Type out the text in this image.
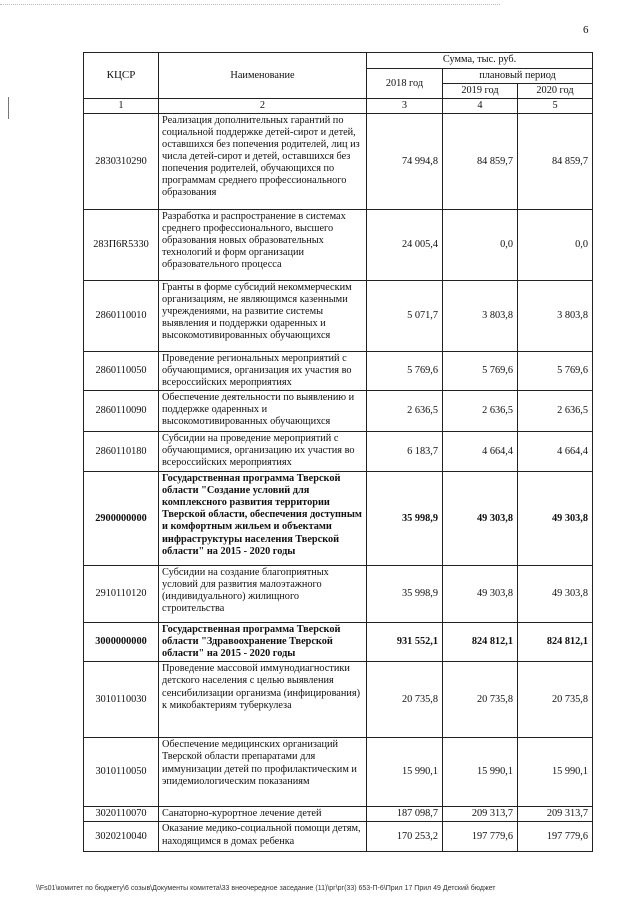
6
КЦСР	Наименование	Сумма, тыс. руб.		
		2018 год	плановый период	
			2019 год	2020 год
1	2	3	4	5
2830310290	Реализация дополнительных гарантий по социальной поддержке детей-сирот и детей, оставшихся без попечения родителей, лиц из числа детей-сирот и детей, оставшихся без попечения родителей, обучающихся по программам среднего профессионального образования	74 994,8	84 859,7	84 859,7
283П6R5330	Разработка и распространение в системах среднего профессионального, высшего образования новых образовательных технологий и форм организации образовательного процесса	24 005,4	0,0	0,0
2860110010	Гранты в форме субсидий некоммерческим организациям, не являющимся казенными учреждениями, на развитие системы выявления и поддержки одаренных и высокомотивированных обучающихся	5 071,7	3 803,8	3 803,8
2860110050	Проведение региональных мероприятий с обучающимися, организация их участия во всероссийских мероприятиях	5 769,6	5 769,6	5 769,6
2860110090	Обеспечение деятельности по выявлению и поддержке одаренных и высокомотивированных обучающихся	2 636,5	2 636,5	2 636,5
2860110180	Субсидии на проведение мероприятий с обучающимися, организацию их участия во всероссийских мероприятиях	6 183,7	4 664,4	4 664,4
2900000000	Государственная программа Тверской области "Создание условий для комплексного развития территории Тверской области, обеспечения доступным и комфортным жильем и объектами инфраструктуры населения Тверской области" на 2015 - 2020 годы	35 998,9	49 303,8	49 303,8
2910110120	Субсидии на создание благоприятных условий для развития малоэтажного (индивидуального) жилищного строительства	35 998,9	49 303,8	49 303,8
3000000000	Государственная программа Тверской области "Здравоохранение Тверской области" на 2015 - 2020 годы	931 552,1	824 812,1	824 812,1
3010110030	Проведение массовой иммунодиагностики детского населения с целью выявления сенсибилизации организма (инфицирования) к микобактериям туберкулеза	20 735,8	20 735,8	20 735,8
3010110050	Обеспечение медицинских организаций Тверской области препаратами для иммунизации детей по профилактическим и эпидемиологическим показаниям	15 990,1	15 990,1	15 990,1
3020110070	Санаторно-курортное лечение детей	187 098,7	209 313,7	209 313,7
3020210040	Оказание медико-социальной помощи детям, находящимся в домах ребенка	170 253,2	197 779,6	197 779,6
\\Fs01\комитет по бюджету\6 созыв\Документы комитета\33 внеочередное заседание (11)\рг\рг(33) 653-П-6\Прил 17 Прил 49 Детский бюджет
